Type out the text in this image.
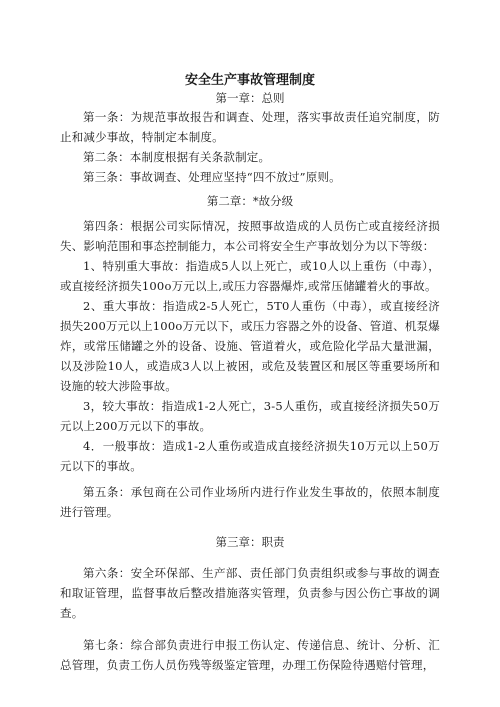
安全生产事故管理制度

第一章：总则

第一条：为规范事故报告和调查、处理，落实事故责任追究制度，防止和减少事故，特制定本制度。

第二条：本制度根据有关条款制定。

第三条：事故调查、处理应坚持“四不放过”原则。

第二章：*故分级

第四条：根据公司实际情况，按照事故造成的人员伤亡或直接经济损失、影响范围和事态控制能力，本公司将安全生产事故划分为以下等级：

1、特别重大事故：指造成5人以上死亡，或10人以上重伤（中毒），或直接经济损失100o万元以上,或压力容器爆炸,或常压储罐着火的事故。

2、重大事故：指造成2-5人死亡，5T0人重伤（中毒），或直接经济损失200万元以上100o万元以下，或压力容器之外的设备、管道、机泵爆炸，或常压储罐之外的设备、设施、管道着火，或危险化学品大量泄漏，以及涉险10人，或造成3人以上被困，或危及装置区和展区等重要场所和设施的较大涉险事故。

3，较大事故：指造成1-2人死亡，3-5人重伤，或直接经济损失50万元以上200万元以下的事故。

4．一般事故：造成1-2人重伤或造成直接经济损失10万元以上50万元以下的事故。

第五条：承包商在公司作业场所内进行作业发生事故的，依照本制度进行管理。

第三章：职责

第六条：安全环保部、生产部、责任部门负责组织或参与事故的调查和取证管理，监督事故后整改措施落实管理，负责参与因公伤亡事故的调查。

第七条：综合部负责进行申报工伤认定、传递信息、统计、分析、汇总管理，负责工伤人员伤残等级鉴定管理，办理工伤保险待遇赔付管理，
